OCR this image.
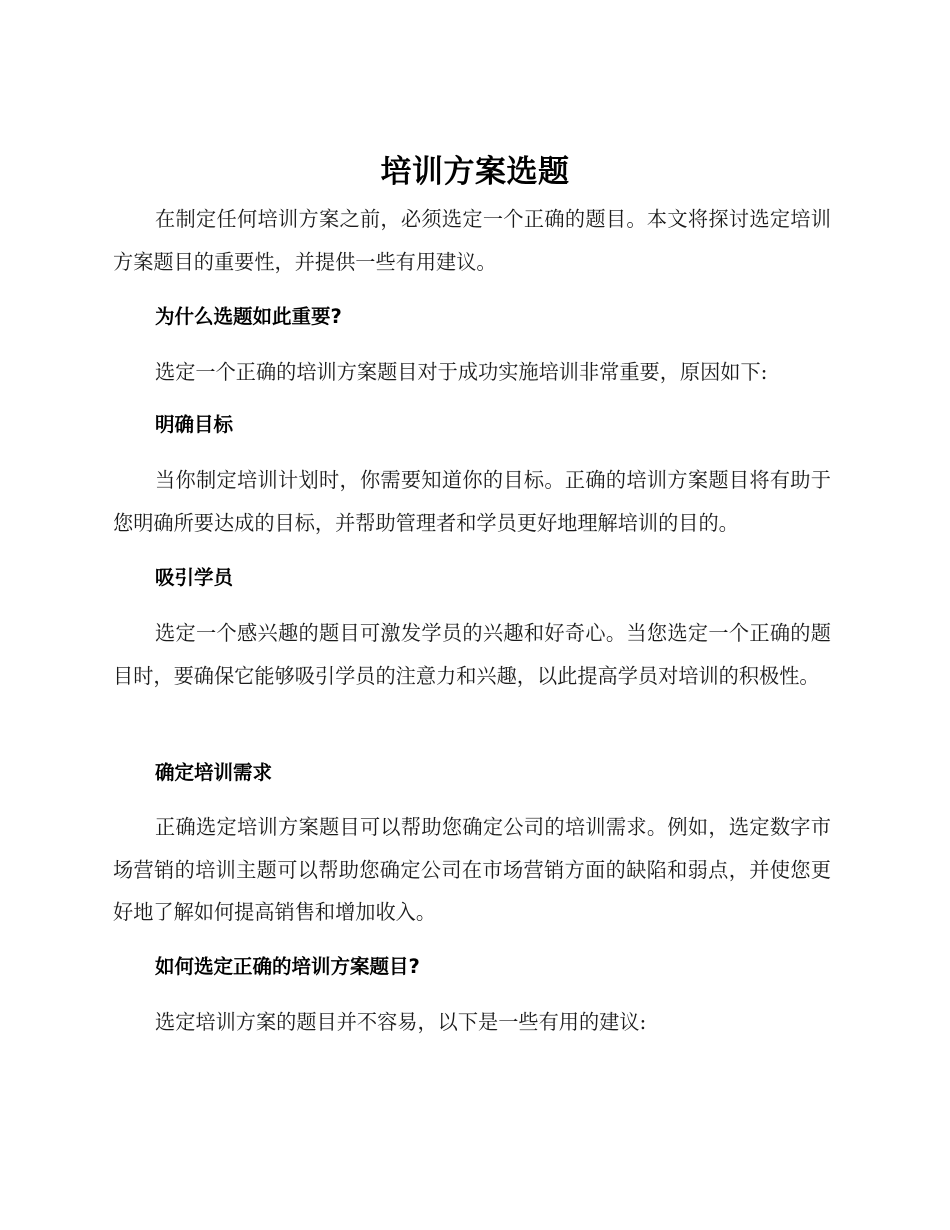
培训方案选题
在制定任何培训方案之前，必须选定一个正确的题目。本文将探讨选定培训方案题目的重要性，并提供一些有用建议。
为什么选题如此重要?
选定一个正确的培训方案题目对于成功实施培训非常重要，原因如下:
明确目标
当你制定培训计划时，你需要知道你的目标。正确的培训方案题目将有助于您明确所要达成的目标，并帮助管理者和学员更好地理解培训的目的。
吸引学员
选定一个感兴趣的题目可激发学员的兴趣和好奇心。当您选定一个正确的题目时，要确保它能够吸引学员的注意力和兴趣，以此提高学员对培训的积极性。
确定培训需求
正确选定培训方案题目可以帮助您确定公司的培训需求。例如，选定数字市场营销的培训主题可以帮助您确定公司在市场营销方面的缺陷和弱点，并使您更好地了解如何提高销售和增加收入。
如何选定正确的培训方案题目?
选定培训方案的题目并不容易，以下是一些有用的建议:
